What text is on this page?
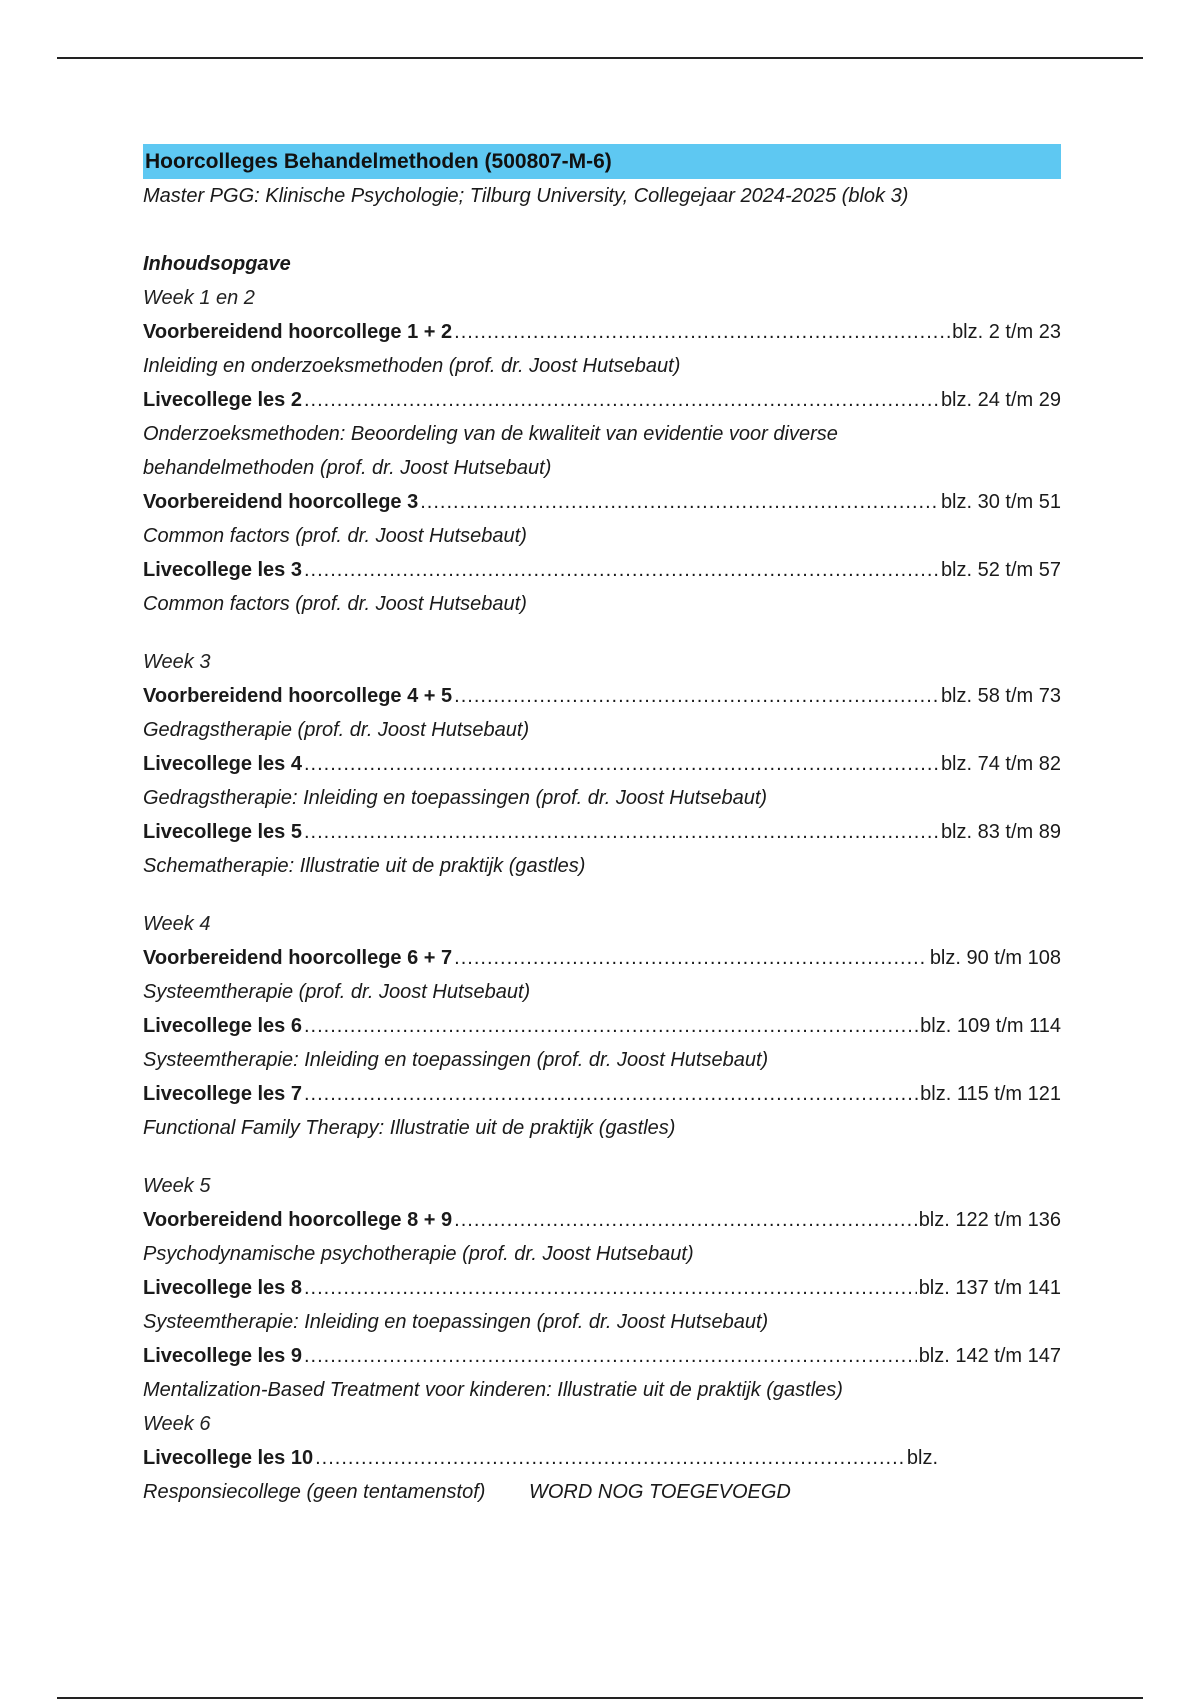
Hoorcolleges Behandelmethoden (500807-M-6)
Master PGG: Klinische Psychologie; Tilburg University, Collegejaar 2024-2025 (blok 3)
Inhoudsopgave
Week 1 en 2
Voorbereidend hoorcollege 1 + 2 .....	blz. 2 t/m 23
Inleiding en onderzoeksmethoden (prof. dr. Joost Hutsebaut)
Livecollege les 2 .....	blz. 24 t/m 29
Onderzoeksmethoden: Beoordeling van de kwaliteit van evidentie voor diverse behandelmethoden (prof. dr. Joost Hutsebaut)
Voorbereidend hoorcollege 3 .....	blz. 30 t/m 51
Common factors (prof. dr. Joost Hutsebaut)
Livecollege les 3 .....	blz. 52 t/m 57
Common factors (prof. dr. Joost Hutsebaut)
Week 3
Voorbereidend hoorcollege 4 + 5 .....	blz. 58 t/m 73
Gedragstherapie (prof. dr. Joost Hutsebaut)
Livecollege les 4 .....	blz. 74 t/m 82
Gedragstherapie: Inleiding en toepassingen (prof. dr. Joost Hutsebaut)
Livecollege les 5 .....	blz. 83 t/m 89
Schematherapie: Illustratie uit de praktijk (gastles)
Week 4
Voorbereidend hoorcollege 6 + 7 .....	blz. 90 t/m 108
Systeemtherapie (prof. dr. Joost Hutsebaut)
Livecollege les 6 .....	blz. 109 t/m 114
Systeemtherapie: Inleiding en toepassingen (prof. dr. Joost Hutsebaut)
Livecollege les 7 .....	blz. 115 t/m 121
Functional Family Therapy: Illustratie uit de praktijk (gastles)
Week 5
Voorbereidend hoorcollege 8 + 9 .....	blz. 122 t/m 136
Psychodynamische psychotherapie (prof. dr. Joost Hutsebaut)
Livecollege les 8 .....	blz. 137 t/m 141
Systeemtherapie: Inleiding en toepassingen (prof. dr. Joost Hutsebaut)
Livecollege les 9 .....	blz. 142 t/m 147
Mentalization-Based Treatment voor kinderen: Illustratie uit de praktijk (gastles)
Week 6
Livecollege les 10 .....	blz.
Responsiecollege (geen tentamenstof) WORD NOG TOEGEVOEGD
